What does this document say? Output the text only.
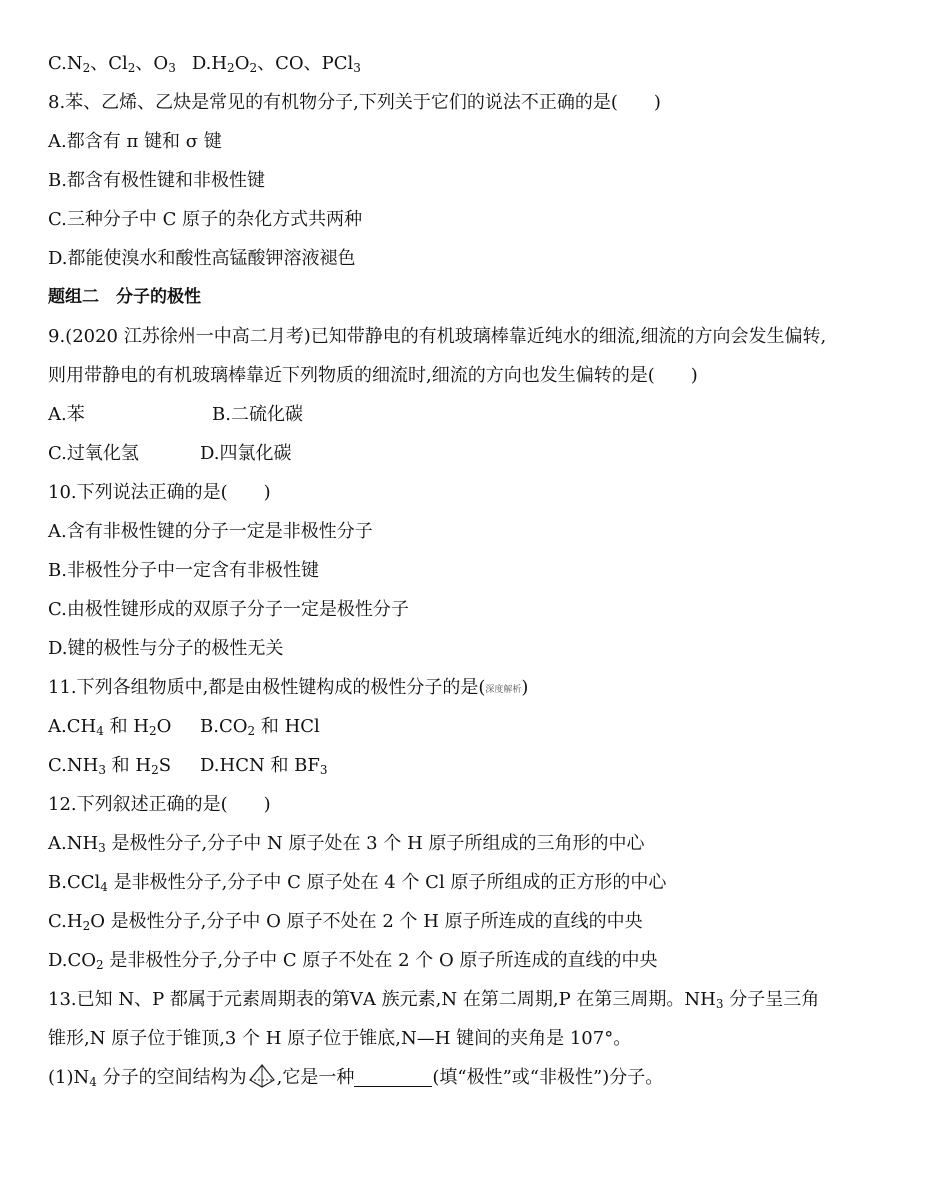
$C.N_2$、$Cl_2$、$O_3$ $D.H_2O_2$、CO、PCl$_3$
8.苯、乙烯、乙炔是常见的有机物分子,下列关于它们的说法不正确的是(　　)
A.都含有 π 键和 σ 键
B.都含有极性键和非极性键
C.三种分子中 C 原子的杂化方式共两种
D.都能使溴水和酸性高锰酸钾溶液褪色
题组二　分子的极性
9.(2020 江苏徐州一中高二月考)已知带静电的有机玻璃棒靠近纯水的细流,细流的方向会发生偏转,
则用带静电的有机玻璃棒靠近下列物质的细流时,细流的方向也发生偏转的是(　　)
A.苯	B.二硫化碳
C.过氧化氢	D.四氯化碳
10.下列说法正确的是(　　)
A.含有非极性键的分子一定是非极性分子
B.非极性分子中一定含有非极性键
C.由极性键形成的双原子分子一定是极性分子
D.键的极性与分子的极性无关
11.下列各组物质中,都是由极性键构成的极性分子的是(深度解析)
$A.CH_4$ 和 $H_2O$ $B.CO_2$ 和 HCl
$C.NH_3$ 和 $H_2S$ D.HCN 和 $BF_3$
12.下列叙述正确的是(　　)
$A.NH_3$ 是极性分子,分子中 N 原子处在 3 个 H 原子所组成的三角形的中心
B.CCl$_4$ 是非极性分子,分子中 C 原子处在 4 个 Cl 原子所组成的正方形的中心
$C.H_2O$ 是极性分子,分子中 O 原子不处在 2 个 H 原子所连成的直线的中央
$D.CO_2$ 是非极性分子,分子中 C 原子不处在 2 个 O 原子所连成的直线的中央
13.已知 N、P 都属于元素周期表的第ⅤA 族元素,N 在第二周期,P 在第三周期。$NH_3$ 分子呈三角
锥形,N 原子位于锥顶,3 个 H 原子位于锥底,N—H 键间的夹角是 107°。
$(1)N_4$ 分子的空间结构为 ,它是一种	(填“极性”或“非极性”)分子。
